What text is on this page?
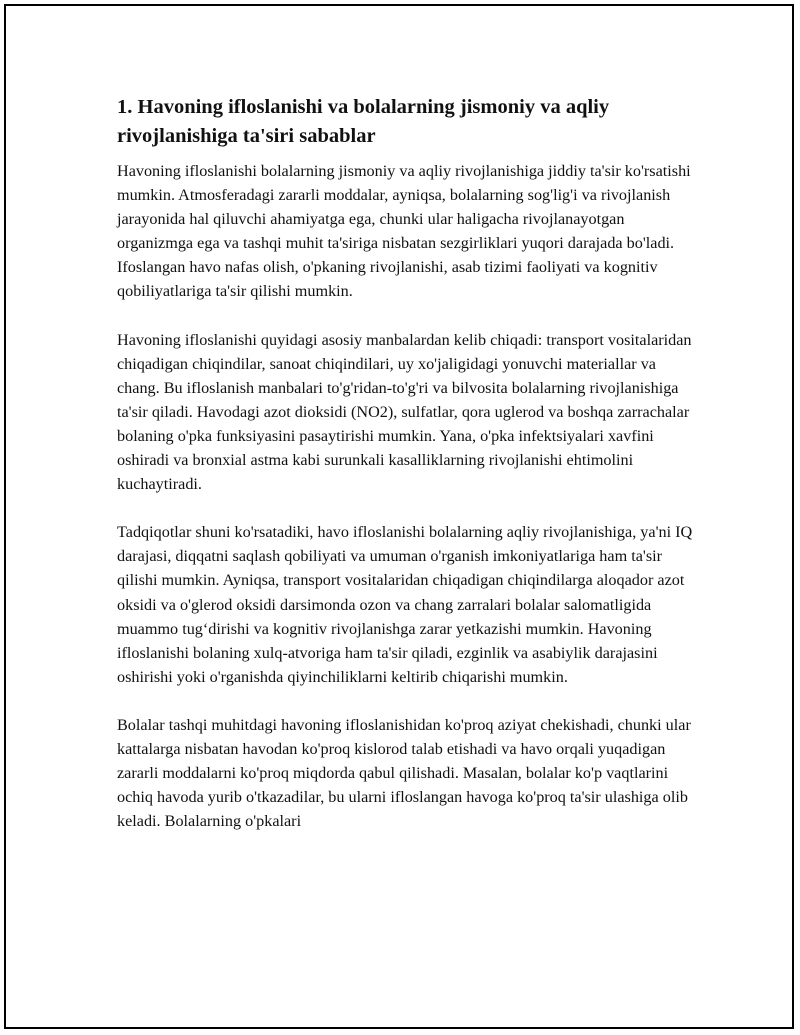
1. Havoning ifloslanishi va bolalarning jismoniy va aqliy rivojlanishiga ta'siri sabablar

Havoning ifloslanishi bolalarning jismoniy va aqliy rivojlanishiga jiddiy ta'sir ko'rsatishi mumkin. Atmosferadagi zararli moddalar, ayniqsa, bolalarning sog'lig'i va rivojlanish jarayonida hal qiluvchi ahamiyatga ega, chunki ular haligacha rivojlanayotgan organizmga ega va tashqi muhit ta'siriga nisbatan sezgirliklari yuqori darajada bo'ladi. Ifoslangan havo nafas olish, o'pkaning rivojlanishi, asab tizimi faoliyati va kognitiv qobiliyatlariga ta'sir qilishi mumkin.

Havoning ifloslanishi quyidagi asosiy manbalardan kelib chiqadi: transport vositalaridan chiqadigan chiqindilar, sanoat chiqindilari, uy xo'jaligidagi yonuvchi materiallar va chang. Bu ifloslanish manbalari to'g'ridan-to'g'ri va bilvosita bolalarning rivojlanishiga ta'sir qiladi. Havodagi azot dioksidi (NO2), sulfatlar, qora uglerod va boshqa zarrachalar bolaning o'pka funksiyasini pasaytirishi mumkin. Yana, o'pka infektsiyalari xavfini oshiradi va bronxial astma kabi surunkali kasalliklarning rivojlanishi ehtimolini kuchaytiradi.

Tadqiqotlar shuni ko'rsatadiki, havo ifloslanishi bolalarning aqliy rivojlanishiga, ya'ni IQ darajasi, diqqatni saqlash qobiliyati va umuman o'rganish imkoniyatlariga ham ta'sir qilishi mumkin. Ayniqsa, transport vositalaridan chiqadigan chiqindilarga aloqador azot oksidi va o'glerod oksidi darsimonda ozon va chang zarralari bolalar salomatligida muammo tug‘dirishi va kognitiv rivojlanishga zarar yetkazishi mumkin. Havoning ifloslanishi bolaning xulq-atvoriga ham ta'sir qiladi, ezginlik va asabiylik darajasini oshirishi yoki o'rganishda qiyinchiliklarni keltirib chiqarishi mumkin.

Bolalar tashqi muhitdagi havoning ifloslanishidan ko'proq aziyat chekishadi, chunki ular kattalarga nisbatan havodan ko'proq kislorod talab etishadi va havo orqali yuqadigan zararli moddalarni ko'proq miqdorda qabul qilishadi. Masalan, bolalar ko'p vaqtlarini ochiq havoda yurib o'tkazadilar, bu ularni ifloslangan havoga ko'proq ta'sir ulashiga olib keladi. Bolalarning o'pkalari
